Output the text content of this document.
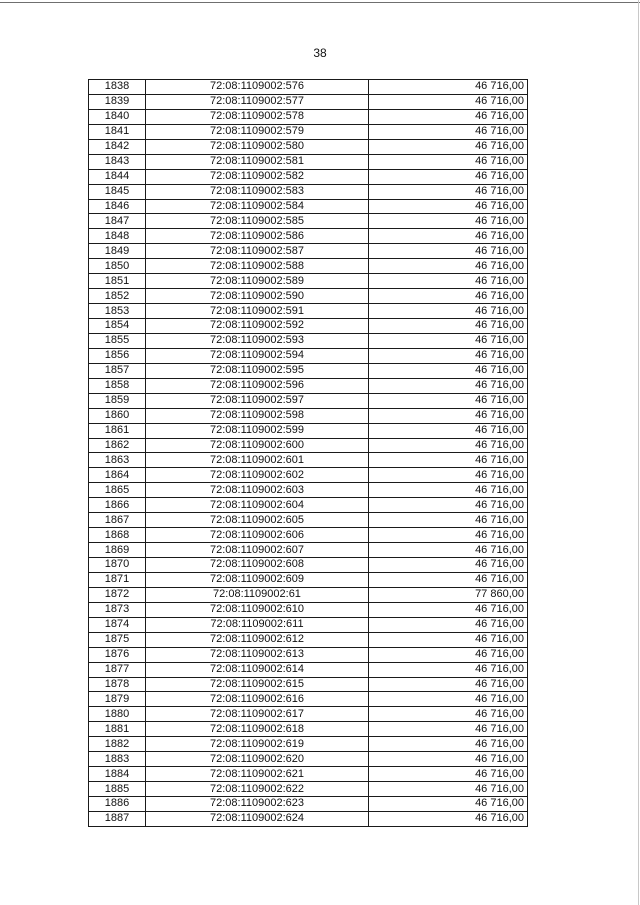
38
1838	72:08:1109002:576	46 716,00
1839	72:08:1109002:577	46 716,00
1840	72:08:1109002:578	46 716,00
1841	72:08:1109002:579	46 716,00
1842	72:08:1109002:580	46 716,00
1843	72:08:1109002:581	46 716,00
1844	72:08:1109002:582	46 716,00
1845	72:08:1109002:583	46 716,00
1846	72:08:1109002:584	46 716,00
1847	72:08:1109002:585	46 716,00
1848	72:08:1109002:586	46 716,00
1849	72:08:1109002:587	46 716,00
1850	72:08:1109002:588	46 716,00
1851	72:08:1109002:589	46 716,00
1852	72:08:1109002:590	46 716,00
1853	72:08:1109002:591	46 716,00
1854	72:08:1109002:592	46 716,00
1855	72:08:1109002:593	46 716,00
1856	72:08:1109002:594	46 716,00
1857	72:08:1109002:595	46 716,00
1858	72:08:1109002:596	46 716,00
1859	72:08:1109002:597	46 716,00
1860	72:08:1109002:598	46 716,00
1861	72:08:1109002:599	46 716,00
1862	72:08:1109002:600	46 716,00
1863	72:08:1109002:601	46 716,00
1864	72:08:1109002:602	46 716,00
1865	72:08:1109002:603	46 716,00
1866	72:08:1109002:604	46 716,00
1867	72:08:1109002:605	46 716,00
1868	72:08:1109002:606	46 716,00
1869	72:08:1109002:607	46 716,00
1870	72:08:1109002:608	46 716,00
1871	72:08:1109002:609	46 716,00
1872	72:08:1109002:61	77 860,00
1873	72:08:1109002:610	46 716,00
1874	72:08:1109002:611	46 716,00
1875	72:08:1109002:612	46 716,00
1876	72:08:1109002:613	46 716,00
1877	72:08:1109002:614	46 716,00
1878	72:08:1109002:615	46 716,00
1879	72:08:1109002:616	46 716,00
1880	72:08:1109002:617	46 716,00
1881	72:08:1109002:618	46 716,00
1882	72:08:1109002:619	46 716,00
1883	72:08:1109002:620	46 716,00
1884	72:08:1109002:621	46 716,00
1885	72:08:1109002:622	46 716,00
1886	72:08:1109002:623	46 716,00
1887	72:08:1109002:624	46 716,00
